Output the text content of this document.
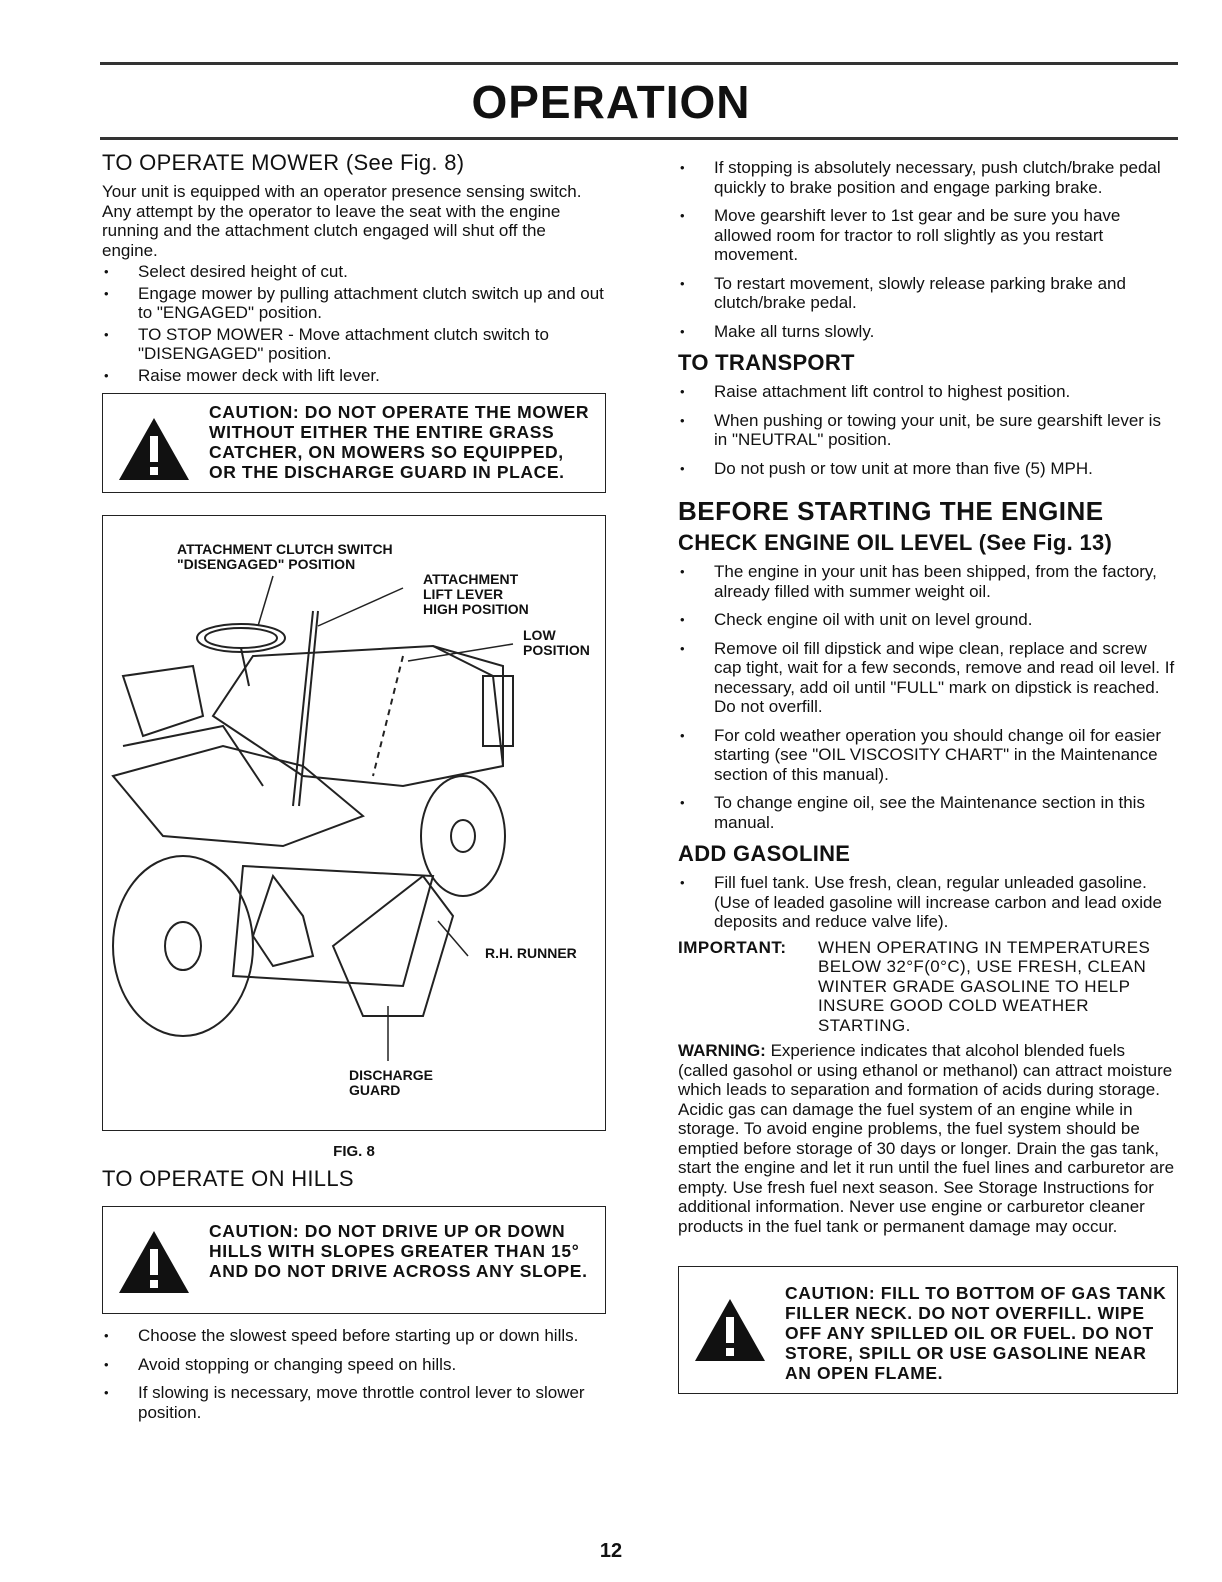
OPERATION
TO OPERATE MOWER (See Fig. 8)

Your unit is equipped with an operator presence sensing switch. Any attempt by the operator to leave the seat with the engine running and the attachment clutch engaged will shut off the engine.

• Select desired height of cut.
• Engage mower by pulling attachment clutch switch up and out to "ENGAGED" position.
• TO STOP MOWER - Move attachment clutch switch to "DISENGAGED" position.
• Raise mower deck with lift lever.
CAUTION: DO NOT OPERATE THE MOWER WITHOUT EITHER THE ENTIRE GRASS CATCHER, ON MOWERS SO EQUIPPED, OR THE DISCHARGE GUARD IN PLACE.
ATTACHMENT CLUTCH SWITCH
"DISENGAGED" POSITION
ATTACHMENT
LIFT LEVER
HIGH POSITION
LOW
POSITION
R.H. RUNNER
DISCHARGE
GUARD
FIG. 8
TO OPERATE ON HILLS
CAUTION: DO NOT DRIVE UP OR DOWN HILLS WITH SLOPES GREATER THAN 15° AND DO NOT DRIVE ACROSS ANY SLOPE.
• Choose the slowest speed before starting up or down hills.
• Avoid stopping or changing speed on hills.
• If slowing is necessary, move throttle control lever to slower position.
• If stopping is absolutely necessary, push clutch/brake pedal quickly to brake position and engage parking brake.
• Move gearshift lever to 1st gear and be sure you have allowed room for tractor to roll slightly as you restart movement.
• To restart movement, slowly release parking brake and clutch/brake pedal.
• Make all turns slowly.
TO TRANSPORT
• Raise attachment lift control to highest position.
• When pushing or towing your unit, be sure gearshift lever is in "NEUTRAL" position.
• Do not push or tow unit at more than five (5) MPH.
BEFORE STARTING THE ENGINE
CHECK ENGINE OIL LEVEL (See Fig. 13)
• The engine in your unit has been shipped, from the factory, already filled with summer weight oil.
• Check engine oil with unit on level ground.
• Remove oil fill dipstick and wipe clean, replace and screw cap tight, wait for a few seconds, remove and read oil level. If necessary, add oil until "FULL" mark on dipstick is reached. Do not overfill.
• For cold weather operation you should change oil for easier starting (see "OIL VISCOSITY CHART" in the Maintenance section of this manual).
• To change engine oil, see the Maintenance section in this manual.
ADD GASOLINE
• Fill fuel tank. Use fresh, clean, regular unleaded gasoline. (Use of leaded gasoline will increase carbon and lead oxide deposits and reduce valve life).
IMPORTANT:	WHEN OPERATING IN TEMPERATURES BELOW 32°F(0°C), USE FRESH, CLEAN WINTER GRADE GASOLINE TO HELP INSURE GOOD COLD WEATHER STARTING.

WARNING: Experience indicates that alcohol blended fuels (called gasohol or using ethanol or methanol) can attract moisture which leads to separation and formation of acids during storage. Acidic gas can damage the fuel system of an engine while in storage. To avoid engine problems, the fuel system should be emptied before storage of 30 days or longer. Drain the gas tank, start the engine and let it run until the fuel lines and carburetor are empty. Use fresh fuel next season. See Storage Instructions for additional information. Never use engine or carburetor cleaner products in the fuel tank or permanent damage may occur.

CAUTION: FILL TO BOTTOM OF GAS TANK FILLER NECK. DO NOT OVERFILL. WIPE OFF ANY SPILLED OIL OR FUEL. DO NOT STORE, SPILL OR USE GASOLINE NEAR AN OPEN FLAME.
12
